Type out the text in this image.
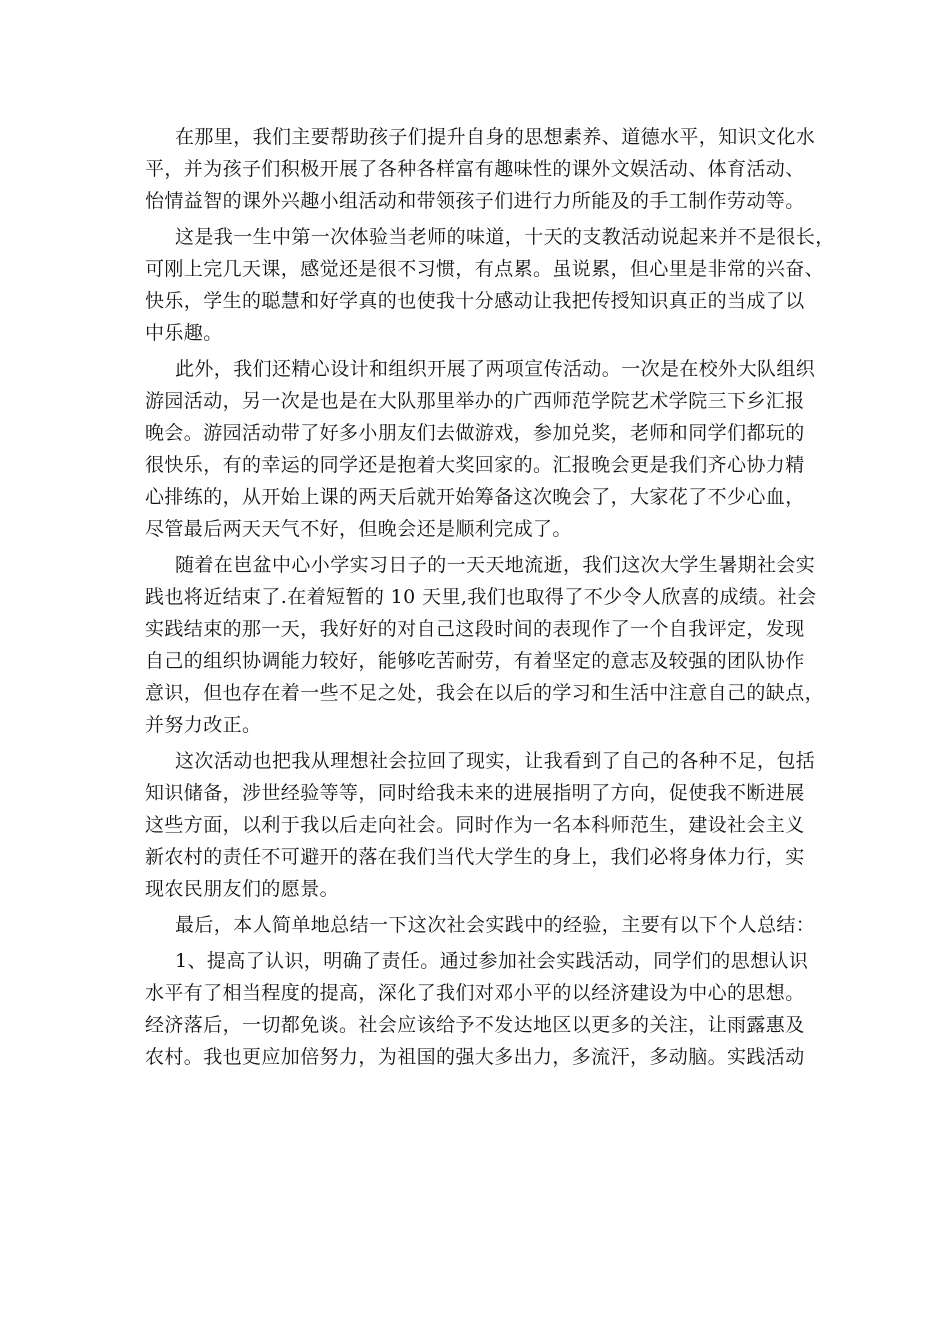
在那里，我们主要帮助孩子们提升自身的思想素养、道德水平，知识文化水
平，并为孩子们积极开展了各种各样富有趣味性的课外文娱活动、体育活动、
怡情益智的课外兴趣小组活动和带领孩子们进行力所能及的手工制作劳动等。
这是我一生中第一次体验当老师的味道，十天的支教活动说起来并不是很长，
可刚上完几天课，感觉还是很不习惯，有点累。虽说累，但心里是非常的兴奋、
快乐，学生的聪慧和好学真的也使我十分感动让我把传授知识真正的当成了以
中乐趣。
此外，我们还精心设计和组织开展了两项宣传活动。一次是在校外大队组织
游园活动，另一次是也是在大队那里举办的广西师范学院艺术学院三下乡汇报
晚会。游园活动带了好多小朋友们去做游戏，参加兑奖，老师和同学们都玩的
很快乐，有的幸运的同学还是抱着大奖回家的。汇报晚会更是我们齐心协力精
心排练的，从开始上课的两天后就开始筹备这次晚会了，大家花了不少心血，
尽管最后两天天气不好，但晚会还是顺利完成了。
随着在岜盆中心小学实习日子的一天天地流逝，我们这次大学生暑期社会实
践也将近结束了.在着短暂的 10 天里,我们也取得了不少令人欣喜的成绩。社会
实践结束的那一天，我好好的对自己这段时间的表现作了一个自我评定，发现
自己的组织协调能力较好，能够吃苦耐劳，有着坚定的意志及较强的团队协作
意识，但也存在着一些不足之处，我会在以后的学习和生活中注意自己的缺点，
并努力改正。
这次活动也把我从理想社会拉回了现实，让我看到了自己的各种不足，包括
知识储备，涉世经验等等，同时给我未来的进展指明了方向，促使我不断进展
这些方面，以利于我以后走向社会。同时作为一名本科师范生，建设社会主义
新农村的责任不可避开的落在我们当代大学生的身上，我们必将身体力行，实
现农民朋友们的愿景。
最后，本人简单地总结一下这次社会实践中的经验，主要有以下个人总结：
1、提高了认识，明确了责任。通过参加社会实践活动，同学们的思想认识
水平有了相当程度的提高，深化了我们对邓小平的以经济建设为中心的思想。
经济落后，一切都免谈。社会应该给予不发达地区以更多的关注，让雨露惠及
农村。我也更应加倍努力，为祖国的强大多出力，多流汗，多动脑。实践活动
